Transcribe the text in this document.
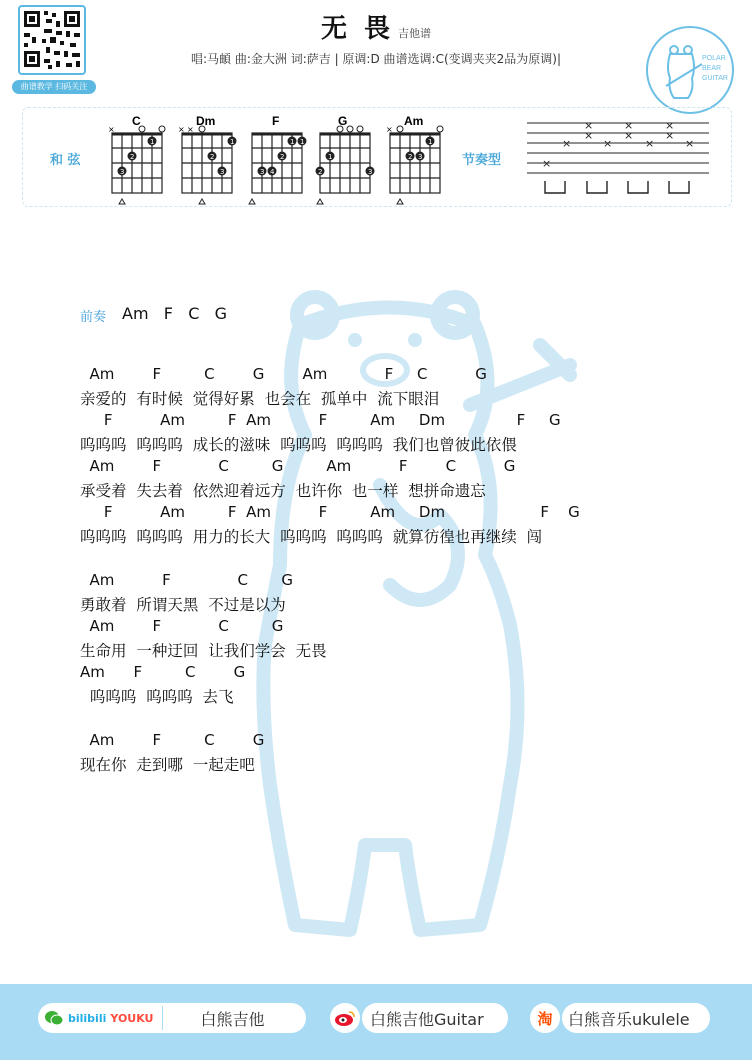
曲谱教学 扫码关注
无 畏 吉他谱
唱:马頔 曲:金大洲 词:萨吉 | 原调:D 曲谱选调:C(变调夹夹2品为原调)|	POLAR
BEAR
GUITAR
和 弦	节奏型
C
×
1
2
3
Dm
× ×
1
2
3
F
1 1
2
3 4
G
1
2	3
Am
×
1
2 3	×
×
×
×
×
×
×
×
×
×
×
前奏 Am   F   C   G
Am        F         C        G        Am            F     C          G
亲爱的  有时候  觉得好累  也会在  孤单中  流下眼泪
F          Am         F  Am          F         Am     Dm               F     G
呜呜呜  呜呜呜  成长的滋味  呜呜呜  呜呜呜  我们也曾彼此依偎
Am        F            C         G         Am          F        C          G
承受着  失去着  依然迎着远方  也许你  也一样  想拼命遗忘
F          Am         F  Am          F         Am     Dm                    F    G
呜呜呜  呜呜呜  用力的长大  呜呜呜  呜呜呜  就算彷徨也再继续  闯
Am          F              C       G
勇敢着  所谓天黑  不过是以为
Am        F            C         G
生命用  一种迂回  让我们学会  无畏
Am      F         C        G
呜呜呜  呜呜呜  去飞
Am        F         C        G
现在你  走到哪  一起走吧
bilibili YOUKU	白熊吉他	白熊吉他Guitar	淘 白熊音乐ukulele
